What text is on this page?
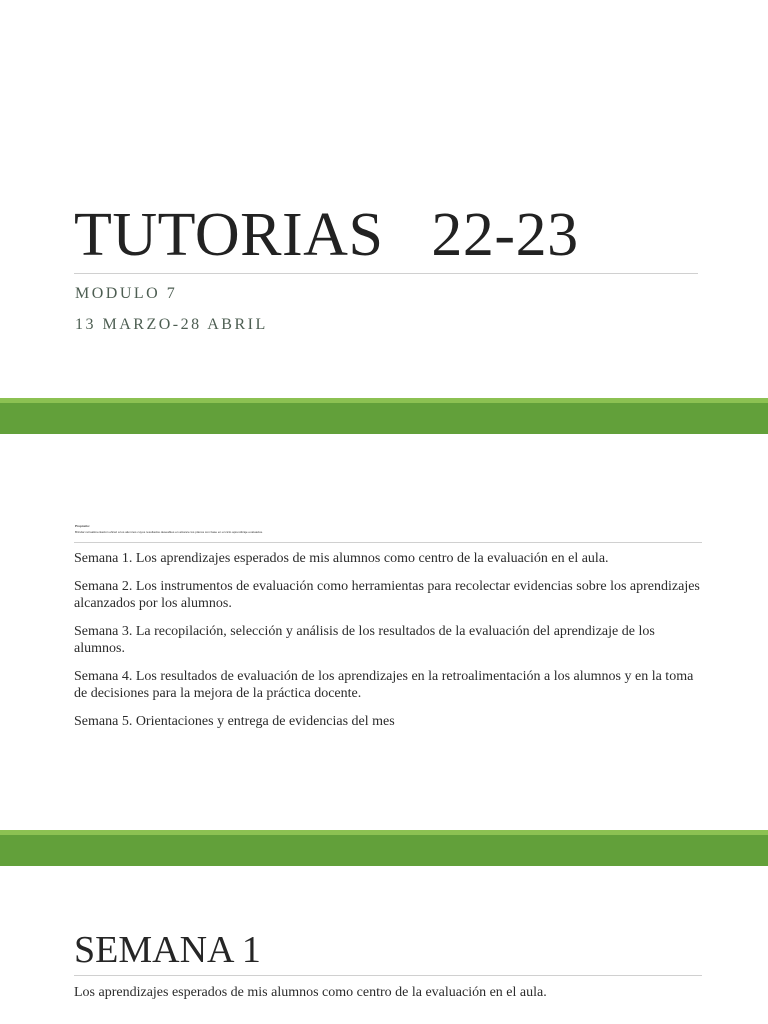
TUTORIAS   22-23

MODULO 7

13 MARZO-28 ABRIL

Propósito:
Brindar retroalimentación eficaz a los alumnos cuyos resultados deseables en alcance los planos con base en el ciclo aprendizaje evaluados.
Semana 1. Los aprendizajes esperados de mis alumnos como centro de la evaluación en el aula.
Semana 2. Los instrumentos de evaluación como herramientas para recolectar evidencias sobre los aprendizajes alcanzados por los alumnos.
Semana 3. La recopilación, selección y análisis de los resultados de la evaluación del aprendizaje de los alumnos.
Semana 4. Los resultados de evaluación de los aprendizajes en la retroalimentación a los alumnos y en la toma de decisiones para la mejora de la práctica docente.
Semana 5. Orientaciones y entrega de evidencias del mes
SEMANA 1

Los aprendizajes esperados de mis alumnos como centro de la evaluación en el aula.
